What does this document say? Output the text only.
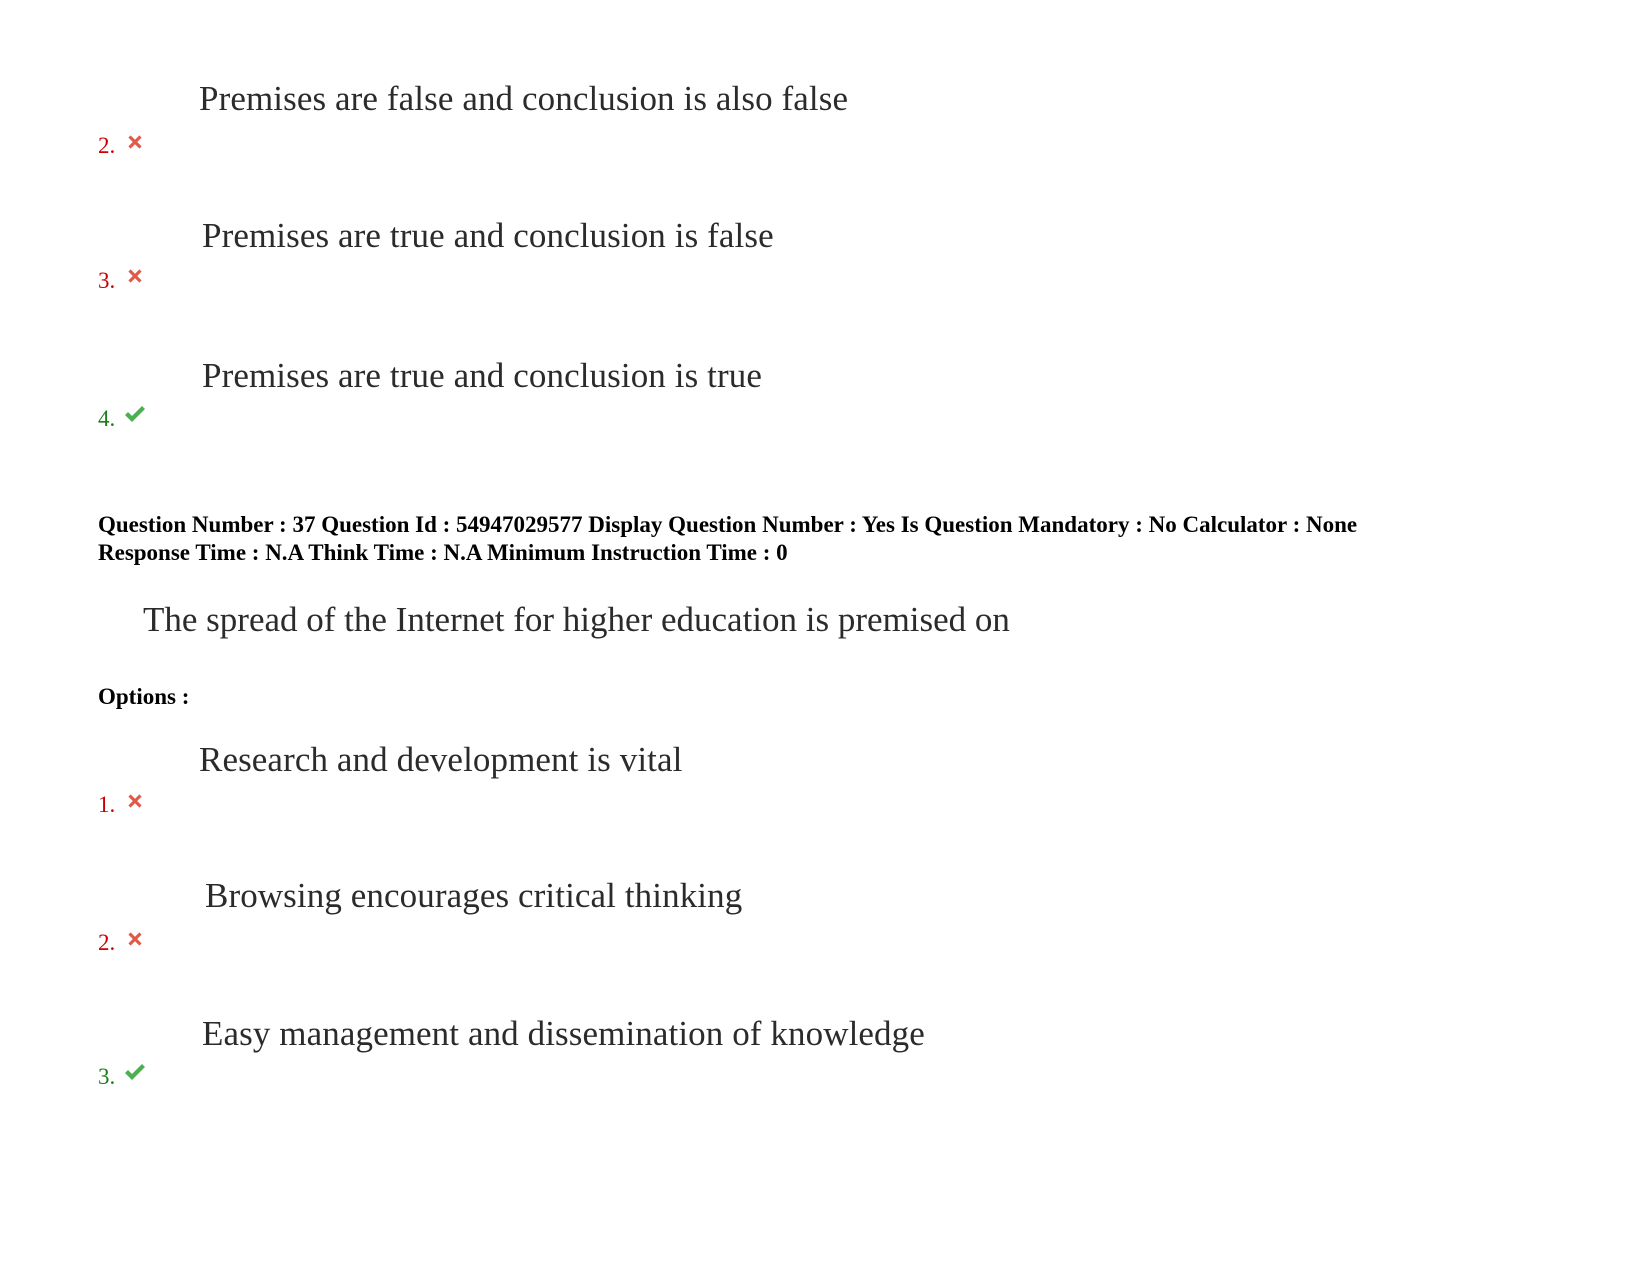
Premises are false and conclusion is also false
2.
Premises are true and conclusion is false
3.
Premises are true and conclusion is true
4.
Question Number : 37 Question Id : 54947029577 Display Question Number : Yes Is Question Mandatory : No Calculator : None
Response Time : N.A Think Time : N.A Minimum Instruction Time : 0
The spread of the Internet for higher education is premised on
Options :
Research and development is vital
1.
Browsing encourages critical thinking
2.
Easy management and dissemination of knowledge
3.
